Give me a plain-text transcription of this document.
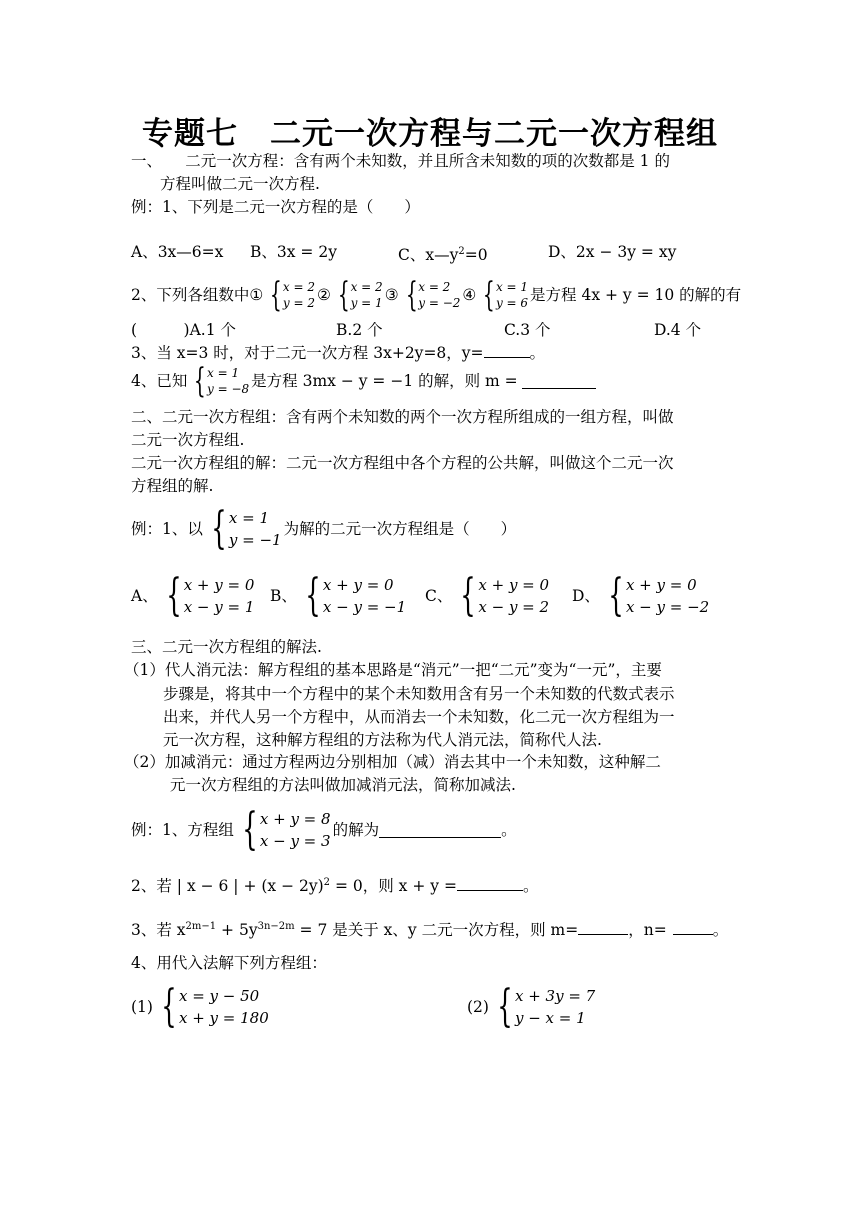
专题七　二元一次方程与二元一次方程组
一、　　二元一次方程：含有两个未知数，并且所含未知数的项的次数都是 1 的
方程叫做二元一次方程.
例：1、下列是二元一次方程的是（　　）
A、3x—6=x B、3x = 2y	C、$x—y^2=0$	D、2x − 3y = xy
2、下列各组数中 ① { x = 2
y = 2 ② { x = 2
y = 1 ③ { x = 2
y = −2 ④ { x = 1
y = 6 是方程 4x + y = 10 的解的有
(　　　)A.1 个	B.2 个	C.3 个	D.4 个
3、当 x=3 时，对于二元一次方程 3x+2y=8，y=	。
4、已知 { x = 1
y = −8 是方程 3mx − y = −1 的解，则 m =
二、二元一次方程组：含有两个未知数的两个一次方程所组成的一组方程，叫做
二元一次方程组.
二元一次方程组的解：二元一次方程组中各个方程的公共解，叫做这个二元一次
方程组的解.
例：1、以 { x = 1
y = −1
为解的二元一次方程组是（　　）
A、 { x + y = 0
x − y = 1
B、 { x + y = 0
x − y = −1
C、 { x + y = 0
x − y = 2
D、 { x + y = 0
x − y = −2
三、二元一次方程组的解法.
（1）代人消元法：解方程组的基本思路是“消元”一把“二元”变为“一元”，主要
步骤是，将其中一个方程中的某个未知数用含有另一个未知数的代数式表示
出来，并代人另一个方程中，从而消去一个未知数，化二元一次方程组为一
元一次方程，这种解方程组的方法称为代人消元法，简称代人法.
（2）加减消元：通过方程两边分别相加（减）消去其中一个未知数，这种解二
元一次方程组的方法叫做加减消元法，简称加减法.
例：1、方程组 { x + y = 8
x − y = 3
的解为	。
2、若 | x − 6 | + $(x - 2y)^2 = 0$，则 x + y =	。
3、若 $x^{2m-1} + 5y^{3n-2m} = 7$ 是关于 x、y 二元一次方程，则 m=	，n=	。
4、用代入法解下列方程组：
(1) { x = y − 50
x + y = 180
(2) { x + 3y = 7
y − x = 1
